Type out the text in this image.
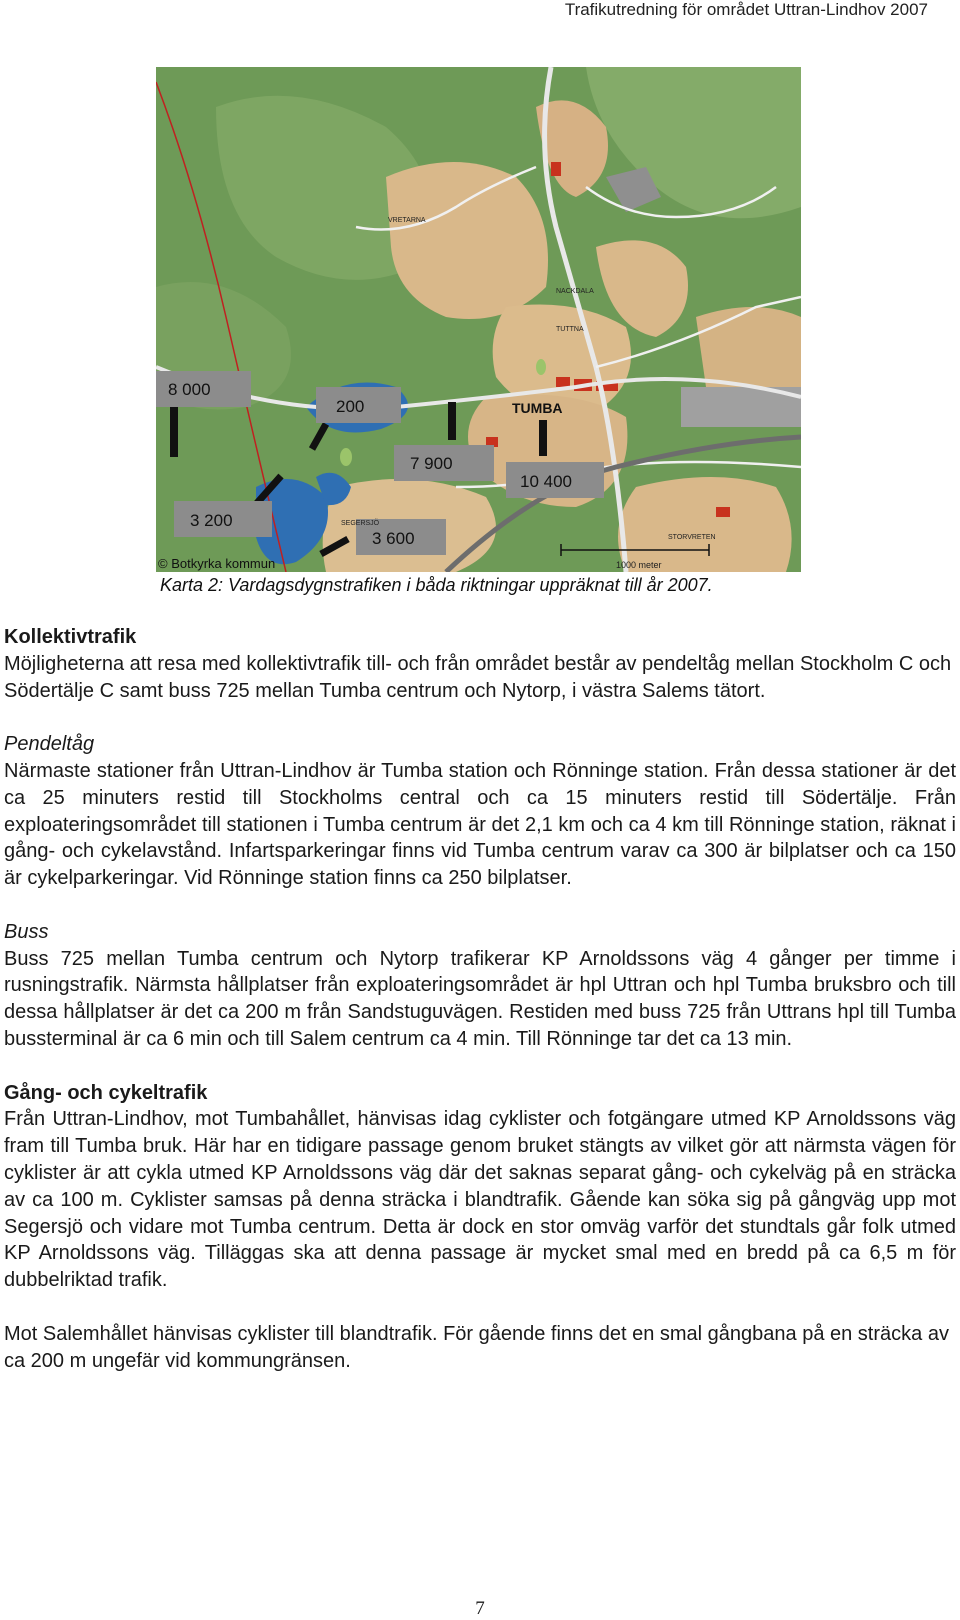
Trafikutredning för området Uttran-Lindhov 2007
8 000
200
7 900
10 400
3 200
3 600
TUMBA
VRETARNA
NACKDALA
TUTTNA
SEGERSJÖ
STORVRETEN
1000 meter
© Botkyrka kommun
Karta 2: Vardagsdygnstrafiken i båda riktningar uppräknat till år 2007.
Kollektivtrafik

Möjligheterna att resa med kollektivtrafik till- och från området består av pendeltåg mellan Stockholm C och Södertälje C samt buss 725 mellan Tumba centrum och Nytorp, i västra Salems tätort.

Pendeltåg

Närmaste stationer från Uttran-Lindhov är Tumba station och Rönninge station. Från dessa stationer är det ca 25 minuters restid till Stockholms central och ca 15 minuters restid till Södertälje. Från exploateringsområdet till stationen i Tumba centrum är det 2,1 km och ca 4 km till Rönninge station, räknat i gång- och cykelavstånd. Infartsparkeringar finns vid Tumba centrum varav ca 300 är bilplatser och ca 150 är cykelparkeringar. Vid Rönninge station finns ca 250 bilplatser.

Buss

Buss 725 mellan Tumba centrum och Nytorp trafikerar KP Arnoldssons väg 4 gånger per timme i rusningstrafik. Närmsta hållplatser från exploateringsområdet är hpl Uttran och hpl Tumba bruksbro och till dessa hållplatser är det ca 200 m från Sandstuguvägen. Restiden med buss 725 från Uttrans hpl till Tumba bussterminal är ca 6 min och till Salem centrum ca 4 min. Till Rönninge tar det ca 13 min.

Gång- och cykeltrafik

Från Uttran-Lindhov, mot Tumbahållet, hänvisas idag cyklister och fotgängare utmed KP Arnoldssons väg fram till Tumba bruk. Här har en tidigare passage genom bruket stängts av vilket gör att närmsta vägen för cyklister är att cykla utmed KP Arnoldssons väg där det saknas separat gång- och cykelväg på en sträcka av ca 100 m. Cyklister samsas på denna sträcka i blandtrafik. Gående kan söka sig på gångväg upp mot Segersjö och vidare mot Tumba centrum. Detta är dock en stor omväg varför det stundtals går folk utmed KP Arnoldssons väg. Tilläggas ska att denna passage är mycket smal med en bredd på ca 6,5 m för dubbelriktad trafik.

Mot Salemhållet hänvisas cyklister till blandtrafik. För gående finns det en smal gångbana på en sträcka av ca 200 m ungefär vid kommungränsen.

7
